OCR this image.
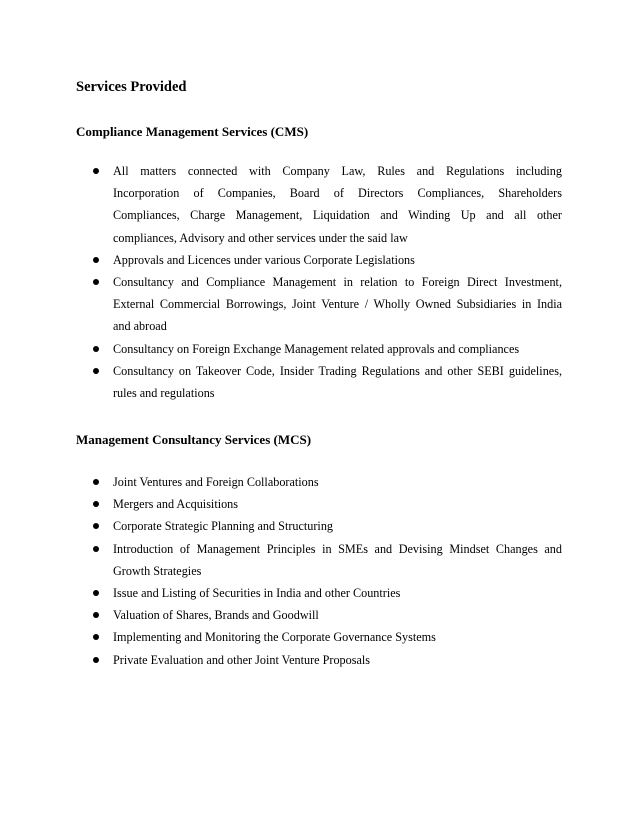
Services Provided
Compliance Management Services (CMS)
All matters connected with Company Law, Rules and Regulations including
Incorporation of Companies, Board of Directors Compliances, Shareholders
Compliances, Charge Management, Liquidation and Winding Up and all other
compliances, Advisory and other services under the said law
Approvals and Licences under various Corporate Legislations
Consultancy and Compliance Management in relation to Foreign Direct Investment,
External Commercial Borrowings, Joint Venture / Wholly Owned Subsidiaries in India
and abroad
Consultancy on Foreign Exchange Management related approvals and compliances
Consultancy on Takeover Code, Insider Trading Regulations and other SEBI guidelines,
rules and regulations
Management Consultancy Services (MCS)
Joint Ventures and Foreign Collaborations
Mergers and Acquisitions
Corporate Strategic Planning and Structuring
Introduction of Management Principles in SMEs and Devising Mindset Changes and
Growth Strategies
Issue and Listing of Securities in India and other Countries
Valuation of Shares, Brands and Goodwill
Implementing and Monitoring the Corporate Governance Systems
Private Evaluation and other Joint Venture Proposals
